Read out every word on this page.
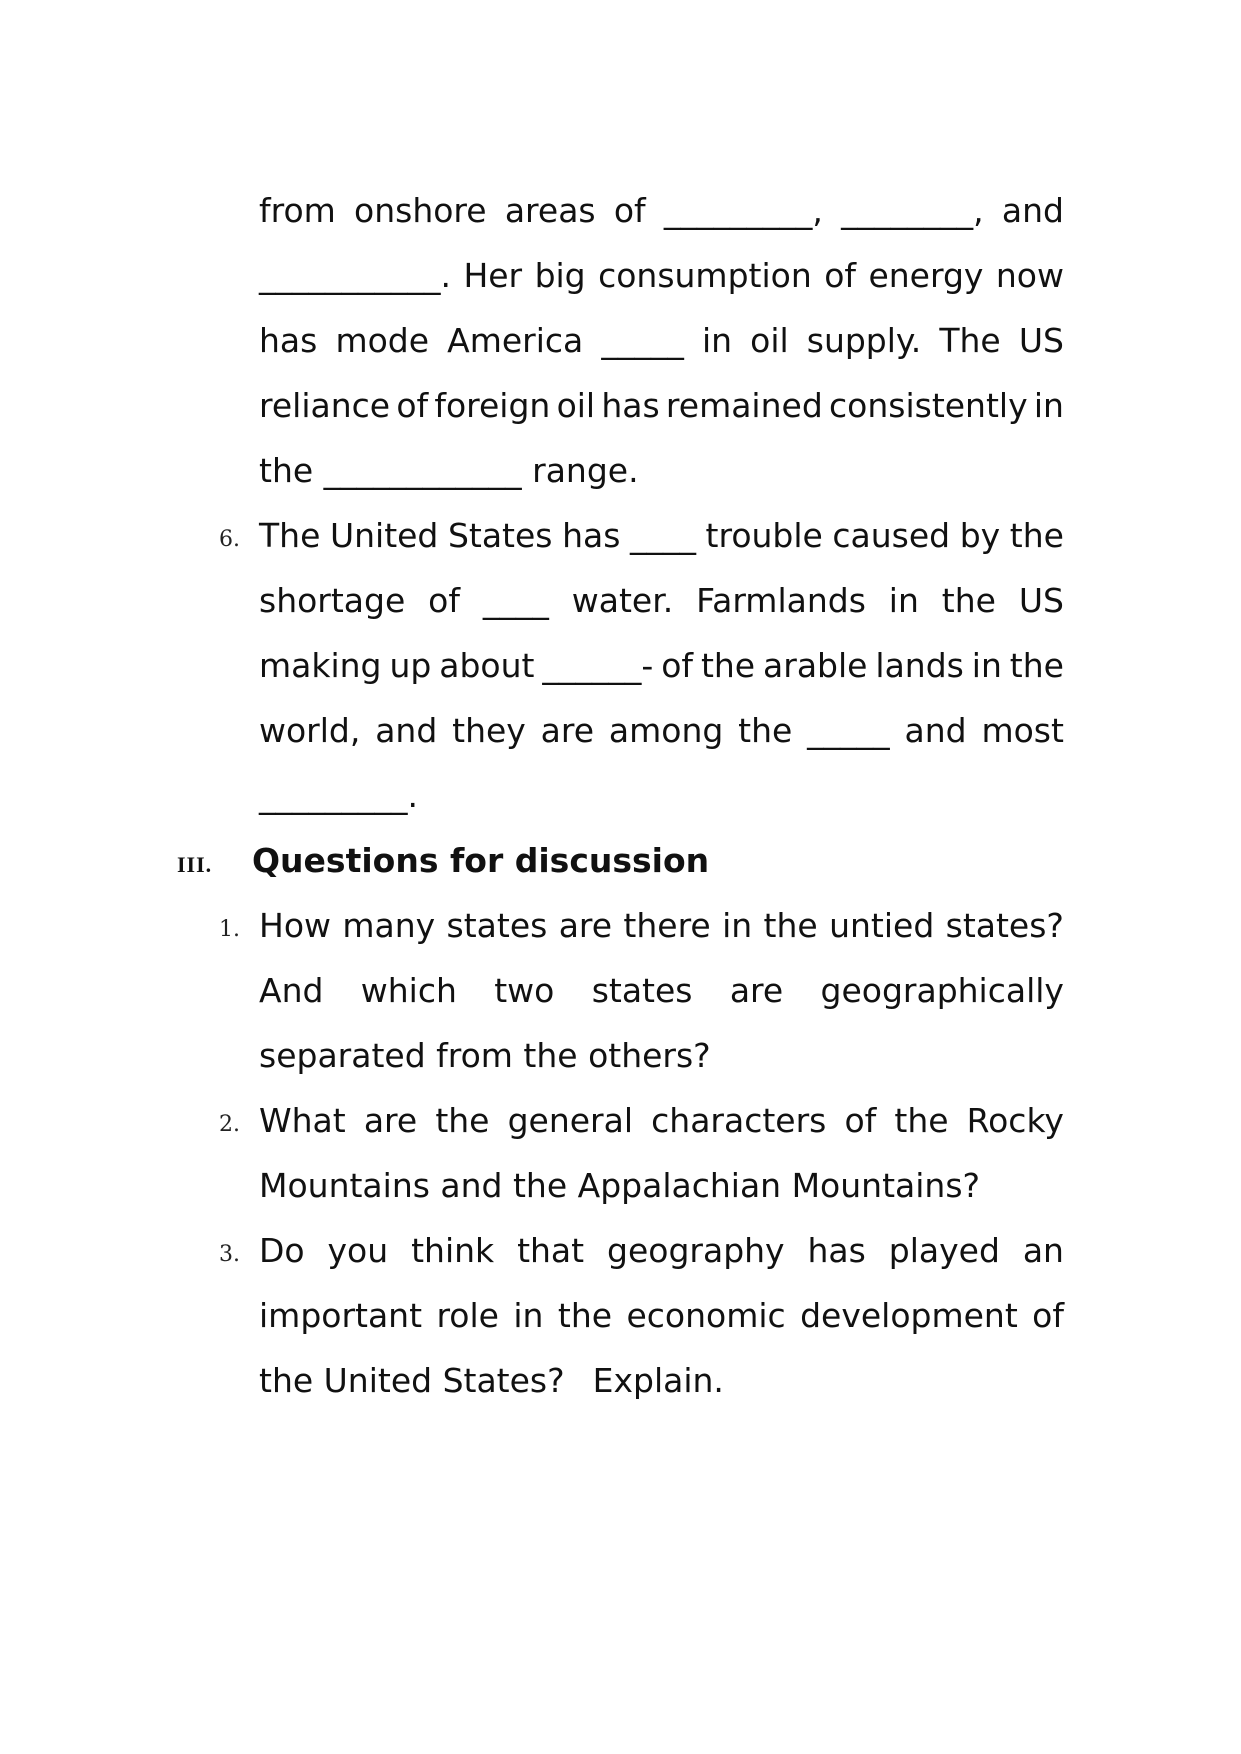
from onshore areas of _________, ________, and
___________. Her big consumption of energy now
has mode America _____ in oil supply. The US
reliance of foreign oil has remained consistently in
the ____________ range.
6. The United States has ____ trouble caused by the
shortage of ____ water. Farmlands in the US
making up about ______- of the arable lands in the
world, and they are among the _____ and most
_________.
III. Questions for discussion
1. How many states are there in the untied states?
And which two states are geographically
separated from the others?
2. What are the general characters of the Rocky
Mountains and the Appalachian Mountains?
3. Do you think that geography has played an
important role in the economic development of
the United States? Explain.
